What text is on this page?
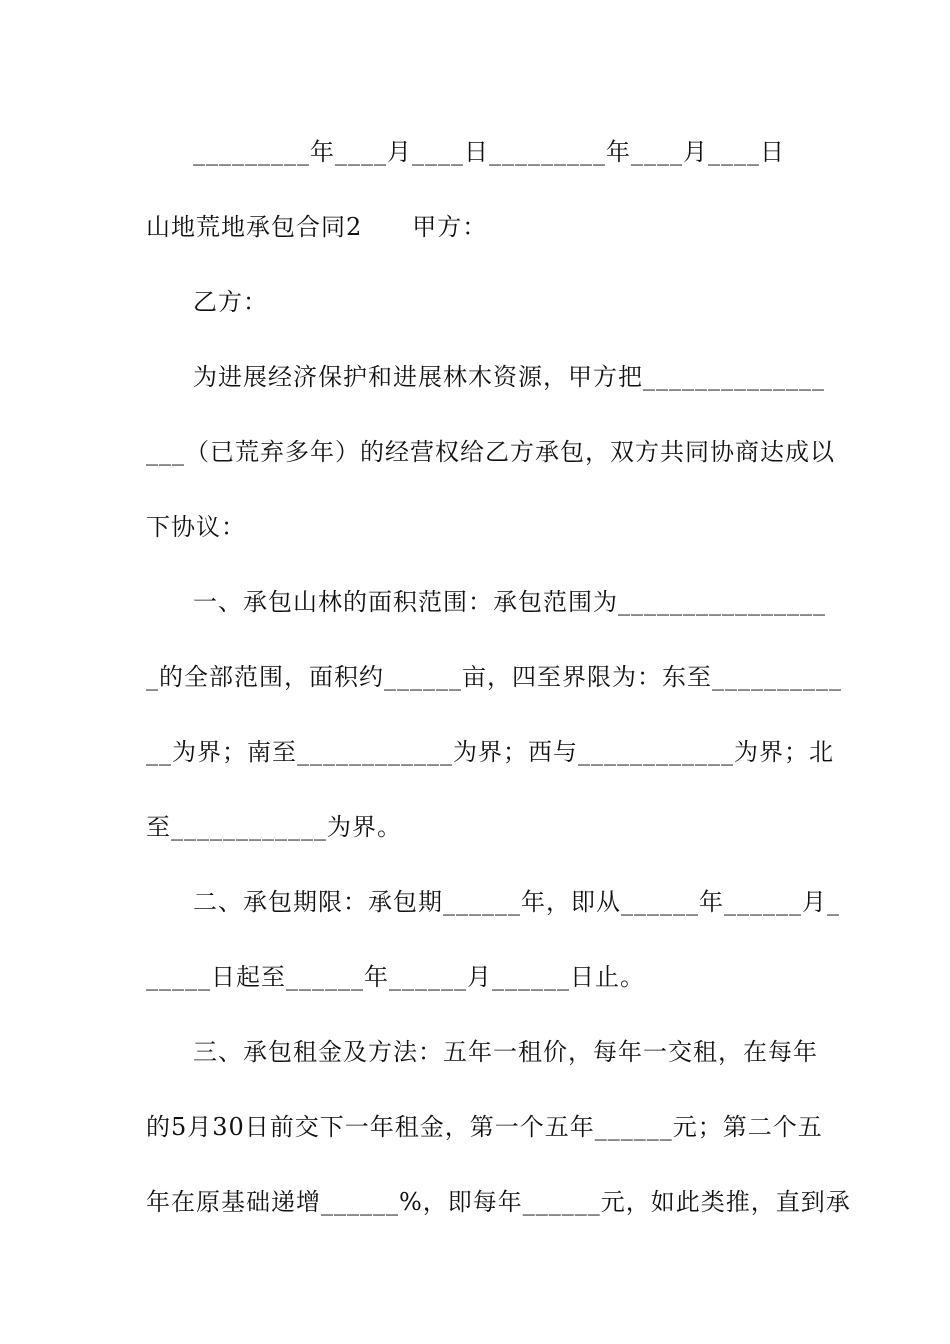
_________年____月____日_________年____月____日
山地荒地承包合同2　　甲方：
乙方：
为进展经济保护和进展林木资源，甲方把______________
___（已荒弃多年）的经营权给乙方承包，双方共同协商达成以
下协议：
一、承包山林的面积范围：承包范围为________________
_的全部范围，面积约______亩，四至界限为：东至__________
__为界；南至____________为界；西与____________为界；北
至____________为界。
二、承包期限：承包期______年，即从______年______月_
_____日起至______年______月______日止。
三、承包租金及方法：五年一租价，每年一交租，在每年
的5月30日前交下一年租金，第一个五年______元；第二个五
年在原基础递增______%，即每年______元，如此类推，直到承
